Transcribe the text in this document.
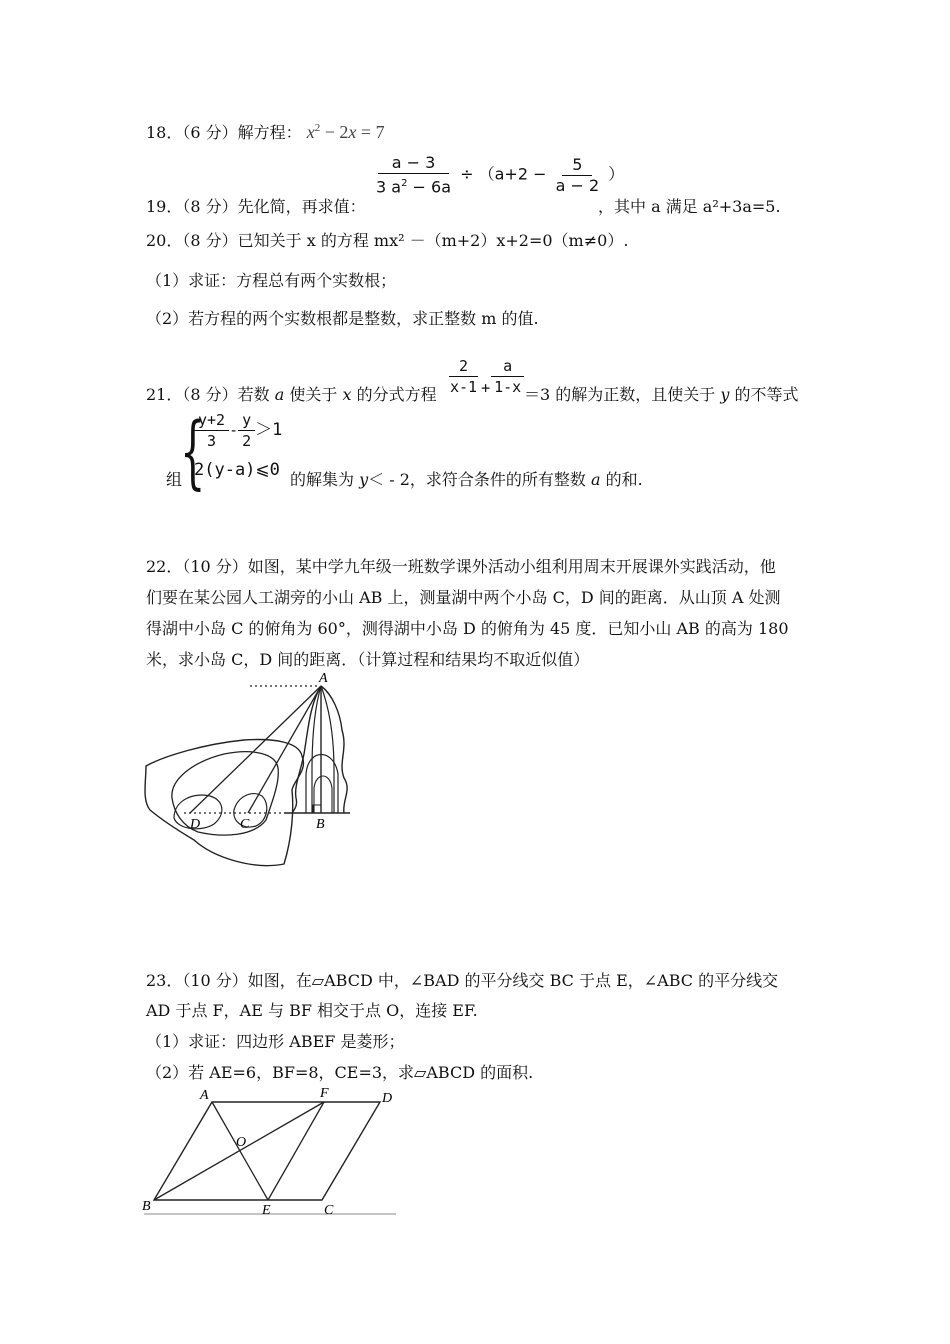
18．（6 分）解方程： $x^2 - 2x = 7$
$\frac{a - 3}{3 a^2 - 6a} \div (a+2 - \frac{5}{a - 2}$ ）
19．（8 分）先化简，再求值：	，其中 a 满足 a²+3a=5.
20．（8 分）已知关于 x 的方程 mx² －（m+2）x+2=0（m≠0）.
（1）求证：方程总有两个实数根；
（2）若方程的两个实数根都是整数，求正整数 m 的值.
21．（8 分）若数 a 使关于 x 的分式方程 $\frac{2}{x-1} + \frac{a}{1-x}$
＝3 的解为正数，且使关于 y 的不等式
{
$\frac{y+2}{3} - \frac{y}{2} >1$
组 2(y-a)⩽0 的解集为 y＜ - 2，求符合条件的所有整数 a 的和.
22．（10 分）如图，某中学九年级一班数学课外活动小组利用周末开展课外实践活动，他
们要在某公园人工湖旁的小山 AB 上，测量湖中两个小岛 C，D 间的距离．从山顶 A 处测
得湖中小岛 C 的俯角为 60°，测得湖中小岛 D 的俯角为 45 度．已知小山 AB 的高为 180
米，求小岛 C，D 间的距离．（计算过程和结果均不取近似值）
A
B
C
D
23．（10 分）如图，在▱ABCD 中，∠BAD 的平分线交 BC 于点 E，∠ABC 的平分线交
AD 于点 F，AE 与 BF 相交于点 O，连接 EF.
（1）求证：四边形 ABEF 是菱形；
（2）若 AE=6，BF=8，CE=3，求▱ABCD 的面积.
A	F	D
O
B	E	C
